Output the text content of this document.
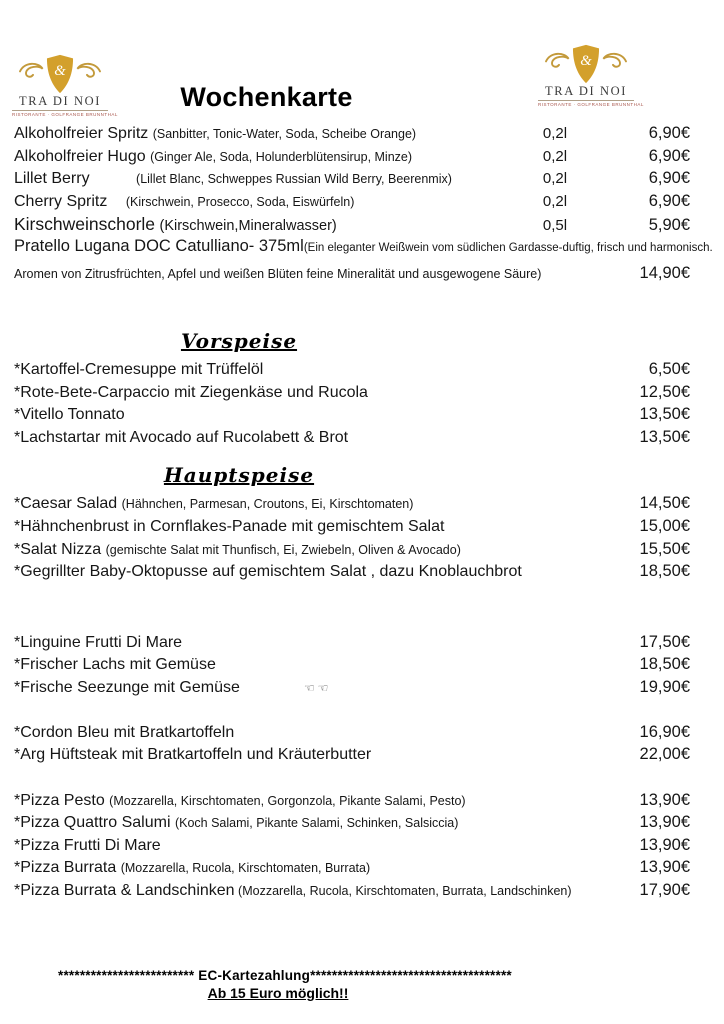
&
TRA DI NOI
RISTORANTE · GOLFRANGE BRUNNTHAL
&
TRA DI NOI
RISTORANTE · GOLFRANGE BRUNNTHAL
Wochenkarte
Alkoholfreier Spritz (Sanbitter, Tonic-Water, Soda, Scheibe Orange)	0,2l	6,90€
Alkoholfreier Hugo (Ginger Ale, Soda, Holunderblütensirup, Minze)	0,2l	6,90€
Lillet Berry	(Lillet Blanc, Schweppes Russian Wild Berry, Beerenmix)	0,2l	6,90€
Cherry Spritz (Kirschwein, Prosecco, Soda, Eiswürfeln)	0,2l	6,90€
Kirschweinschorle (Kirschwein,Mineralwasser)	0,5l	5,90€
Pratello Lugana DOC Catulliano- 375ml (Ein eleganter Weißwein vom südlichen Gardasse-duftig, frisch und harmonisch.
Aromen von Zitrusfrüchten, Apfel und weißen Blüten feine Mineralität und ausgewogene Säure)	14,90€
Vorspeise
*Kartoffel-Cremesuppe mit Trüffelöl	6,50€
*Rote-Bete-Carpaccio mit Ziegenkäse und Rucola	12,50€
*Vitello Tonnato	13,50€
*Lachstartar mit Avocado auf Rucolabett & Brot	13,50€
Hauptspeise
*Caesar Salad (Hähnchen, Parmesan, Croutons, Ei, Kirschtomaten)	14,50€
*Hähnchenbrust in Cornflakes-Panade mit gemischtem Salat	15,00€
*Salat Nizza (gemischte Salat mit Thunfisch, Ei, Zwiebeln, Oliven & Avocado)	15,50€
*Gegrillter Baby-Oktopusse auf gemischtem Salat , dazu Knoblauchbrot	18,50€
*Linguine Frutti Di Mare	17,50€
*Frischer Lachs mit Gemüse	18,50€
*Frische Seezunge mit Gemüse	☜☜	19,90€
*Cordon Bleu mit Bratkartoffeln	16,90€
*Arg Hüftsteak mit Bratkartoffeln und Kräuterbutter	22,00€
*Pizza Pesto (Mozzarella, Kirschtomaten, Gorgonzola, Pikante Salami, Pesto)	13,90€
*Pizza Quattro Salumi (Koch Salami, Pikante Salami, Schinken, Salsiccia)	13,90€
*Pizza Frutti Di Mare	13,90€
*Pizza Burrata (Mozzarella, Rucola, Kirschtomaten, Burrata)	13,90€
*Pizza Burrata & Landschinken (Mozzarella, Rucola, Kirschtomaten, Burrata, Landschinken)	17,90€
************************* EC-Kartezahlung*************************************
Ab 15 Euro möglich!!
